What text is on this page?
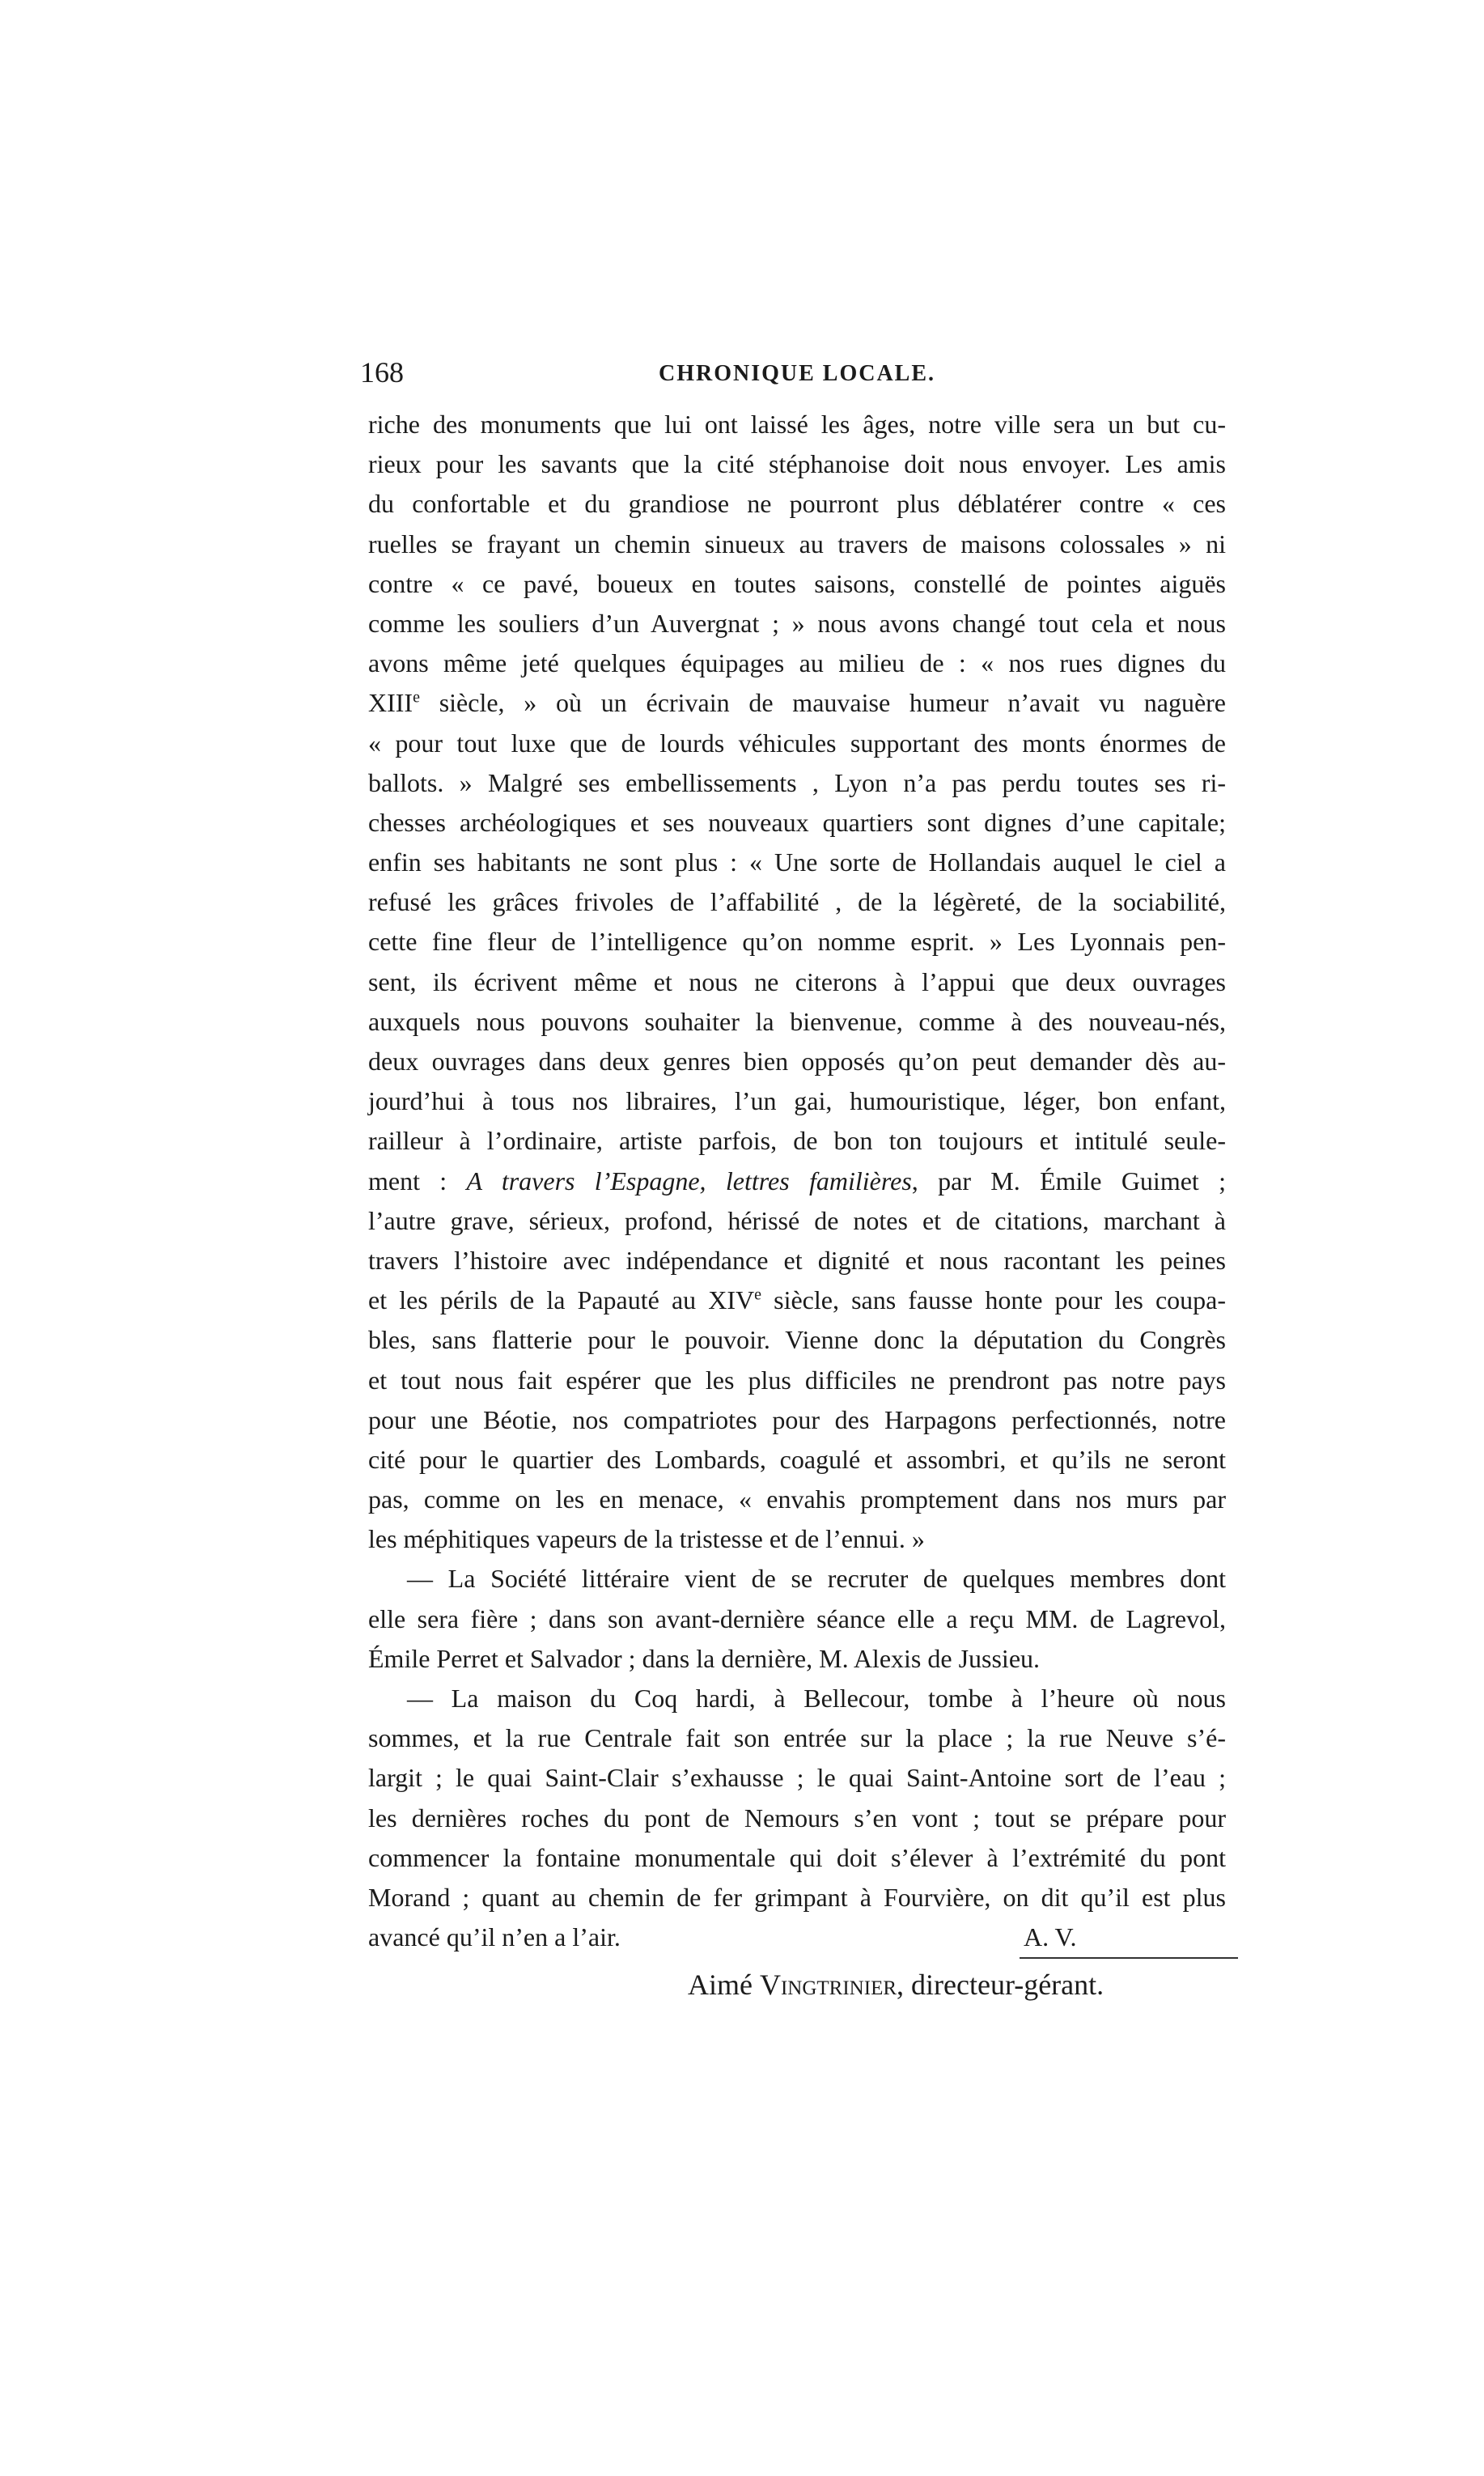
168	CHRONIQUE LOCALE.
riche des monuments que lui ont laissé les âges, notre ville sera un but cu-
rieux pour les savants que la cité stéphanoise doit nous envoyer. Les amis
du confortable et du grandiose ne pourront plus déblatérer contre « ces
ruelles se frayant un chemin sinueux au travers de maisons colossales » ni
contre « ce pavé, boueux en toutes saisons, constellé de pointes aiguës
comme les souliers d’un Auvergnat ; » nous avons changé tout cela et nous
avons même jeté quelques équipages au milieu de : « nos rues dignes du
XIIIe siècle, » où un écrivain de mauvaise humeur n’avait vu naguère
« pour tout luxe que de lourds véhicules supportant des monts énormes de
ballots. » Malgré ses embellissements , Lyon n’a pas perdu toutes ses ri-
chesses archéologiques et ses nouveaux quartiers sont dignes d’une capitale;
enfin ses habitants ne sont plus : « Une sorte de Hollandais auquel le ciel a
refusé les grâces frivoles de l’affabilité , de la légèreté, de la sociabilité,
cette fine fleur de l’intelligence qu’on nomme esprit. » Les Lyonnais pen-
sent, ils écrivent même et nous ne citerons à l’appui que deux ouvrages
auxquels nous pouvons souhaiter la bienvenue, comme à des nouveau-nés,
deux ouvrages dans deux genres bien opposés qu’on peut demander dès au-
jourd’hui à tous nos libraires, l’un gai, humouristique, léger, bon enfant,
railleur à l’ordinaire, artiste parfois, de bon ton toujours et intitulé seule-
ment : A travers l’Espagne, lettres familières, par M. Émile Guimet ;
l’autre grave, sérieux, profond, hérissé de notes et de citations, marchant à
travers l’histoire avec indépendance et dignité et nous racontant les peines
et les périls de la Papauté au XIVe siècle, sans fausse honte pour les coupa-
bles, sans flatterie pour le pouvoir. Vienne donc la députation du Congrès
et tout nous fait espérer que les plus difficiles ne prendront pas notre pays
pour une Béotie, nos compatriotes pour des Harpagons perfectionnés, notre
cité pour le quartier des Lombards, coagulé et assombri, et qu’ils ne seront
pas, comme on les en menace, « envahis promptement dans nos murs par
les méphitiques vapeurs de la tristesse et de l’ennui. »
— La Société littéraire vient de se recruter de quelques membres dont
elle sera fière ; dans son avant-dernière séance elle a reçu MM. de Lagrevol,
Émile Perret et Salvador ; dans la dernière, M. Alexis de Jussieu.
— La maison du Coq hardi, à Bellecour, tombe à l’heure où nous
sommes, et la rue Centrale fait son entrée sur la place ; la rue Neuve s’é-
largit ; le quai Saint-Clair s’exhausse ; le quai Saint-Antoine sort de l’eau ;
les dernières roches du pont de Nemours s’en vont ; tout se prépare pour
commencer la fontaine monumentale qui doit s’élever à l’extrémité du pont
Morand ; quant au chemin de fer grimpant à Fourvière, on dit qu’il est plus
avancé qu’il n’en a l’air.	A. V.
Aimé Vingtrinier, directeur-gérant.
